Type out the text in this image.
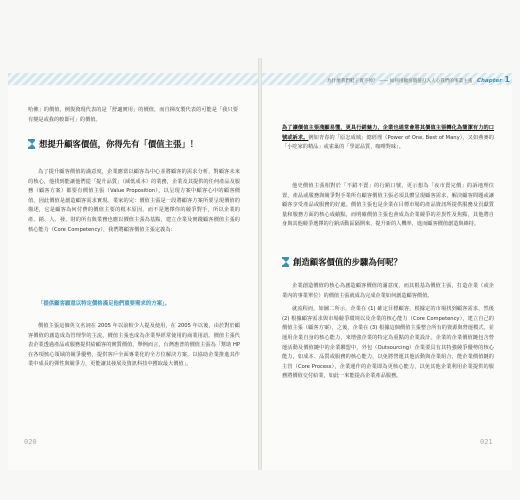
為什麼我們鞋子賣不掉？ —— 如何用顧客價值打入人心我們的事業主張 Chapter 1

哈佛」的價值，例復資現代表的是「舒適實用」的價值，而自揮皮製代表的可能是「我只要有變是或我的較即可」的價值。

想提升顧客價值，你得先有「價值主張」！

為了提升顧客價值的滿意度，企業應當以顧客為中心並將顧客的需求分析，對顧客未來的核心，他找到能讓他們從「提升品質」（減低成本）的業務，企業及其提供的任何產品及服務（顧客方案）都要有價值主張（Value Proposition），以呈現方案中顧客心中的顧客價值，因此價值是創造顧客需求實現。業家的完：價值主張是一段將顧客方案所要呈現價值的描述，它是顧客為何付費的價值主要的根本原因，而不是選擇你的競爭對手，所以企業的產、銷、人、發、財的所有與業務也應以價值主張為基點，建立企業及實踐顧客價值主張的核心能力（Core Competency），我們將顧客價值主張定義為：

「提供顧客願意以特定價格滿足他們重要需求的方案」。

價值主張這個英文名詞在 2005 年以前較少人提及使用，在 2005 年以後，由於對於顧客價值的創造成為管理學的主流，價值主張也成為企業界經常使用的商業用語。價值主張代表企業透過產品或服務提供給顧客的實質價值，舉例而言，台灣惠普的價值主張為「幫助 HP 在各項核心領域的競爭優勢，提供客戶全面專業化的全方位解決方案，以協助企業推進其作業中成長的彈性與競爭力，更能讓其發展及資訊科技中獲取最大價值」。

020

為了讓價值主張淺顯易懂，更具行銷魅力，企業也通常會將其價值主張轉化為簡潔有力的口號或訴求。例如青春的「原怎成城」總經理（Power of One, Best of Many），又如燕麥的「小吃家的精品」或雀巢的「學認品質，咖啡對味」。

他史價值主張相對於「不錯不賣」的行銷口號，更示想為「夜市賣完價」的訴地理位置，產品或服務與競爭對手業所有顧客價值主張必須具體呈現顧客需求，解決顧客問題或讓顧客享受產品或服務的好處。價值主張也是企業在目標市場的產品資訊所提供服務及貢獻質量和服務方面的核心成績點，而明確價值主張也會成為企業競爭的差異性及焦點，其他將自身與其他競爭選擇的行銷活動區隔開來，提升新的人機率，進而顧客價值創造與維持。

創造顧客價值的步驟為何呢？

企業創造價值的核心為創造顧客價值的滿意度，而其根基為價值主張，打造企業（或企業內的事業單位）的價值主張就成為完成企業如何創造顧客價值。

就流程而，如圖二所示，企業在 (1) 確定目標顧客，根據定的市場找到顧客需求，然後 (2) 根據顧客需求與市場競爭環境以及企業的核心能力（Core Competency），建立自己的價值主張（顧客方案），之後，企業在 (3) 根據這個價值主張整合所有的資源與營運模式，並運用企業自身的核心能力，來增強企業的特定為重點的企業設計。企業的企業價值鏈包含營運活動及價值鏈中的企業聯盟中，外包（Outsourcing）企業要具有其特強競爭優勢的核心能力，如成本、品質或服務的核心能力，以免將營運其他活動與企業組合，能企業價值鏈的主管（Core Process），企業運作的企業即為更核心能力，以免其他企業利用企業提供的服務將價值交付給業，如此一來能提高企業產品服務。

021
